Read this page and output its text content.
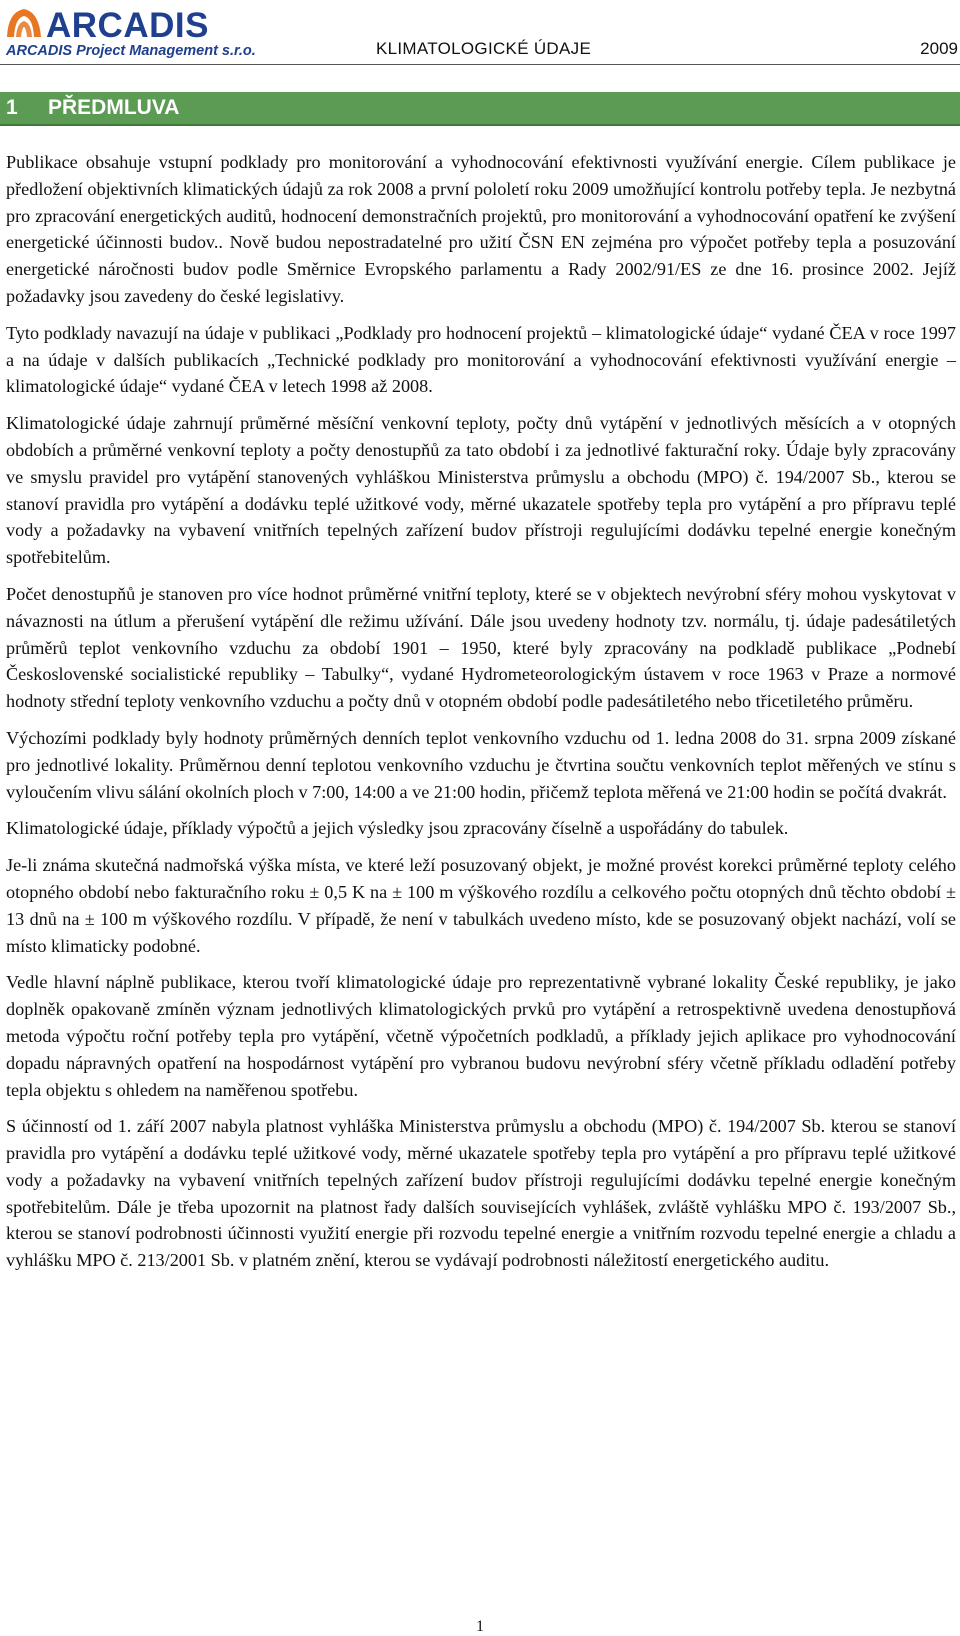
ARCADIS
ARCADIS Project Management s.r.o.	KLIMATOLOGICKÉ ÚDAJE	2009
1 PŘEDMLUVA

Publikace obsahuje vstupní podklady pro monitorování a vyhodnocování efektivnosti využívání energie. Cílem publikace je předložení objektivních klimatických údajů za rok 2008 a první pololetí roku 2009 umožňující kontrolu potřeby tepla. Je nezbytná pro zpracování energetických auditů, hodnocení demonstračních projektů, pro monitorování a vyhodnocování opatření ke zvýšení energetické účinnosti budov.. Nově budou nepostradatelné pro užití ČSN EN zejména pro výpočet potřeby tepla a posuzování energetické náročnosti budov podle Směrnice Evropského parlamentu a Rady 2002/91/ES ze dne 16. prosince 2002. Jejíž požadavky jsou zavedeny do české legislativy.

Tyto podklady navazují na údaje v publikaci „Podklady pro hodnocení projektů – klimatologické údaje“ vydané ČEA v roce 1997 a na údaje v dalších publikacích „Technické podklady pro monitorování a vyhodnocování efektivnosti využívání energie – klimatologické údaje“ vydané ČEA v letech 1998 až 2008.

Klimatologické údaje zahrnují průměrné měsíční venkovní teploty, počty dnů vytápění v jednotlivých měsících a v otopných obdobích a průměrné venkovní teploty a počty denostupňů za tato období i za jednotlivé fakturační roky. Údaje byly zpracovány ve smyslu pravidel pro vytápění stanovených vyhláškou Ministerstva průmyslu a obchodu (MPO) č. 194/2007 Sb., kterou se stanoví pravidla pro vytápění a dodávku teplé užitkové vody, měrné ukazatele spotřeby tepla pro vytápění a pro přípravu teplé vody a požadavky na vybavení vnitřních tepelných zařízení budov přístroji regulujícími dodávku tepelné energie konečným spotřebitelům.

Počet denostupňů je stanoven pro více hodnot průměrné vnitřní teploty, které se v objektech nevýrobní sféry mohou vyskytovat v návaznosti na útlum a přerušení vytápění dle režimu užívání. Dále jsou uvedeny hodnoty tzv. normálu, tj. údaje padesátiletých průměrů teplot venkovního vzduchu za období 1901 – 1950, které byly zpracovány na podkladě publikace „Podnebí Československé socialistické republiky – Tabulky“, vydané Hydrometeorologickým ústavem v roce 1963 v Praze a normové hodnoty střední teploty venkovního vzduchu a počty dnů v otopném období podle padesátiletého nebo třicetiletého průměru.

Výchozími podklady byly hodnoty průměrných denních teplot venkovního vzduchu od 1. ledna 2008 do 31. srpna 2009 získané pro jednotlivé lokality. Průměrnou denní teplotou venkovního vzduchu je čtvrtina součtu venkovních teplot měřených ve stínu s vyloučením vlivu sálání okolních ploch v 7:00, 14:00 a ve 21:00 hodin, přičemž teplota měřená ve 21:00 hodin se počítá dvakrát.

Klimatologické údaje, příklady výpočtů a jejich výsledky jsou zpracovány číselně a uspořádány do tabulek.

Je-li známa skutečná nadmořská výška místa, ve které leží posuzovaný objekt, je možné provést korekci průměrné teploty celého otopného období nebo fakturačního roku ± 0,5 K na ± 100 m výškového rozdílu a celkového počtu otopných dnů těchto období ± 13 dnů na ± 100 m výškového rozdílu. V případě, že není v tabulkách uvedeno místo, kde se posuzovaný objekt nachází, volí se místo klimaticky podobné.

Vedle hlavní náplně publikace, kterou tvoří klimatologické údaje pro reprezentativně vybrané lokality České republiky, je jako doplněk opakovaně zmíněn význam jednotlivých klimatologických prvků pro vytápění a retrospektivně uvedena denostupňová metoda výpočtu roční potřeby tepla pro vytápění, včetně výpočetních podkladů, a příklady jejich aplikace pro vyhodnocování dopadu nápravných opatření na hospodárnost vytápění pro vybranou budovu nevýrobní sféry včetně příkladu odladění potřeby tepla objektu s ohledem na naměřenou spotřebu.

S účinností od 1. září 2007 nabyla platnost vyhláška Ministerstva průmyslu a obchodu (MPO) č. 194/2007 Sb. kterou se stanoví pravidla pro vytápění a dodávku teplé užitkové vody, měrné ukazatele spotřeby tepla pro vytápění a pro přípravu teplé užitkové vody a požadavky na vybavení vnitřních tepelných zařízení budov přístroji regulujícími dodávku tepelné energie konečným spotřebitelům. Dále je třeba upozornit na platnost řady dalších souvisejících vyhlášek, zvláště vyhlášku MPO č. 193/2007 Sb., kterou se stanoví podrobnosti účinnosti využití energie při rozvodu tepelné energie a vnitřním rozvodu tepelné energie a chladu a vyhlášku MPO č. 213/2001 Sb. v platném znění, kterou se vydávají podrobnosti náležitostí energetického auditu.

1
